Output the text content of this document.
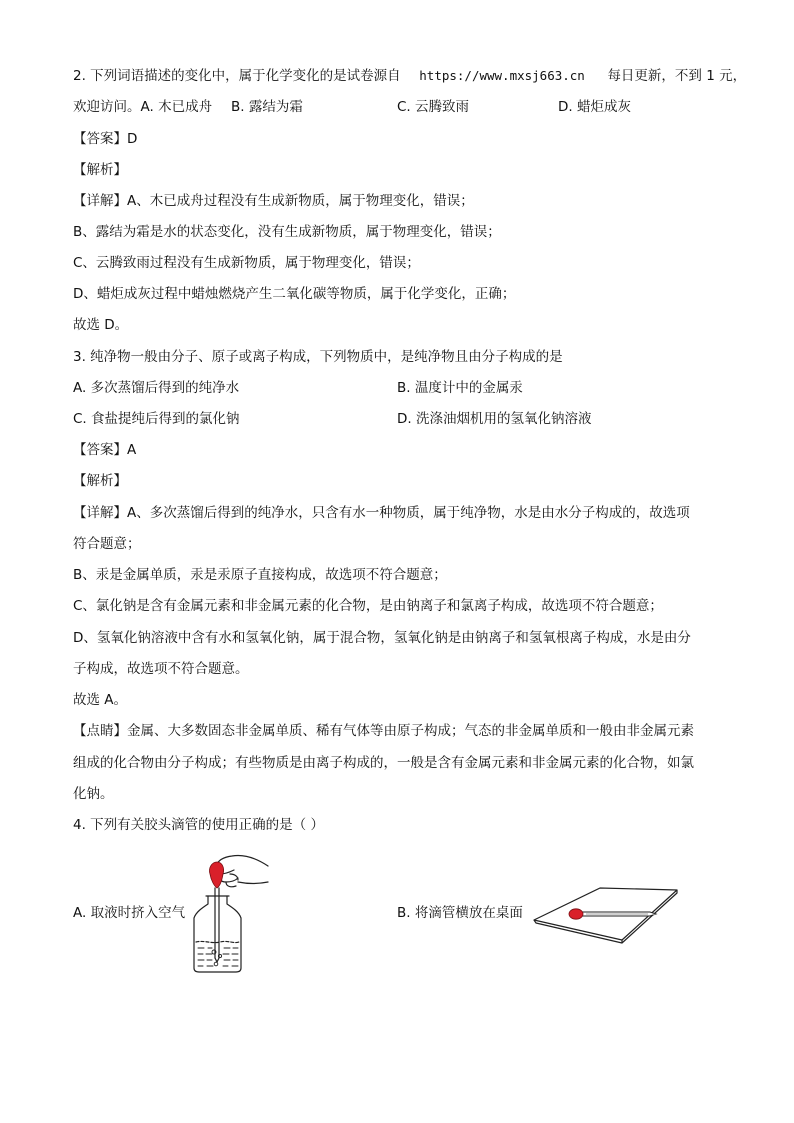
2. 下列词语描述的变化中，属于化学变化的是试卷源自 https://www.mxsj663.cn 每日更新，不到 1 元，
欢迎访问。A. 木已成舟 B. 露结为霜	C. 云腾致雨	D. 蜡炬成灰
【答案】D
【解析】
【详解】A、木已成舟过程没有生成新物质，属于物理变化，错误；
B、露结为霜是水的状态变化，没有生成新物质，属于物理变化，错误；
C、云腾致雨过程没有生成新物质，属于物理变化，错误；
D、蜡炬成灰过程中蜡烛燃烧产生二氧化碳等物质，属于化学变化，正确；
故选 D。
3. 纯净物一般由分子、原子或离子构成，下列物质中，是纯净物且由分子构成的是
A. 多次蒸馏后得到的纯净水	B. 温度计中的金属汞
C. 食盐提纯后得到的氯化钠	D. 洗涤油烟机用的氢氧化钠溶液
【答案】A
【解析】
【详解】A、多次蒸馏后得到的纯净水，只含有水一种物质，属于纯净物，水是由水分子构成的，故选项
符合题意；
B、汞是金属单质，汞是汞原子直接构成，故选项不符合题意；
C、氯化钠是含有金属元素和非金属元素的化合物，是由钠离子和氯离子构成，故选项不符合题意；
D、氢氧化钠溶液中含有水和氢氧化钠，属于混合物，氢氧化钠是由钠离子和氢氧根离子构成，水是由分
子构成，故选项不符合题意。
故选 A。
【点睛】金属、大多数固态非金属单质、稀有气体等由原子构成；气态的非金属单质和一般由非金属元素
组成的化合物由分子构成；有些物质是由离子构成的，一般是含有金属元素和非金属元素的化合物，如氯
化钠。
4. 下列有关胶头滴管的使用正确的是（ ）
A. 取液时挤入空气	B. 将滴管横放在桌面
